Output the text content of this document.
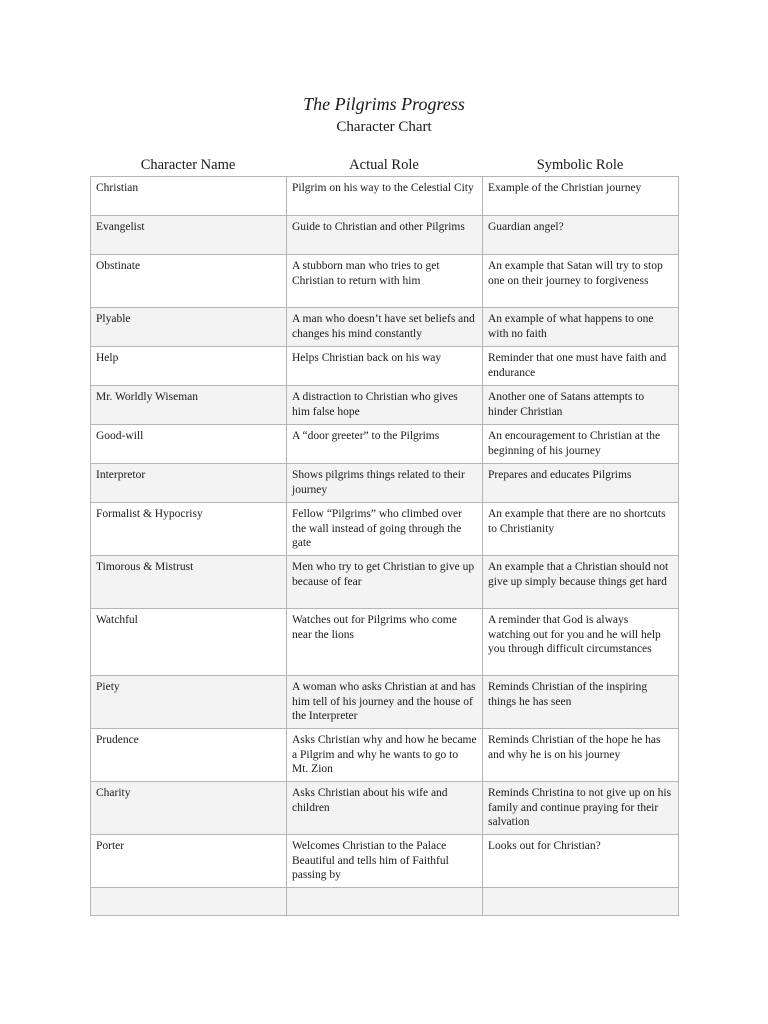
The Pilgrims Progress
Character Chart
Character Name	Actual Role	Symbolic Role
Christian	Pilgrim on his way to the Celestial City	Example of the Christian journey
Evangelist	Guide to Christian and other Pilgrims	Guardian angel?
Obstinate	A stubborn man who tries to get Christian to return with him	An example that Satan will try to stop one on their journey to forgiveness
Plyable	A man who doesn’t have set beliefs and changes his mind constantly	An example of what happens to one with no faith
Help	Helps Christian back on his way	Reminder that one must have faith and endurance
Mr. Worldly Wiseman	A distraction to Christian who gives him false hope	Another one of Satans attempts to hinder Christian
Good-will	A “door greeter” to the Pilgrims	An encouragement to Christian at the beginning of his journey
Interpretor	Shows pilgrims things related to their journey	Prepares and educates Pilgrims
Formalist & Hypocrisy	Fellow “Pilgrims” who climbed over the wall instead of going through the gate	An example that there are no shortcuts to Christianity
Timorous & Mistrust	Men who try to get Christian to give up because of fear	An example that a Christian should not give up simply because things get hard
Watchful	Watches out for Pilgrims who come near the lions	A reminder that God is always watching out for you and he will help you through difficult circumstances
Piety	A woman who asks Christian at and has him tell of his journey and the house of the Interpreter	Reminds Christian of the inspiring things he has seen
Prudence	Asks Christian why and how he became a Pilgrim and why he wants to go to Mt. Zion	Reminds Christian of the hope he has and why he is on his journey
Charity	Asks Christian about his wife and children	Reminds Christina to not give up on his family and continue praying for their salvation
Porter	Welcomes Christian to the Palace Beautiful and tells him of Faithful passing by	Looks out for Christian?
